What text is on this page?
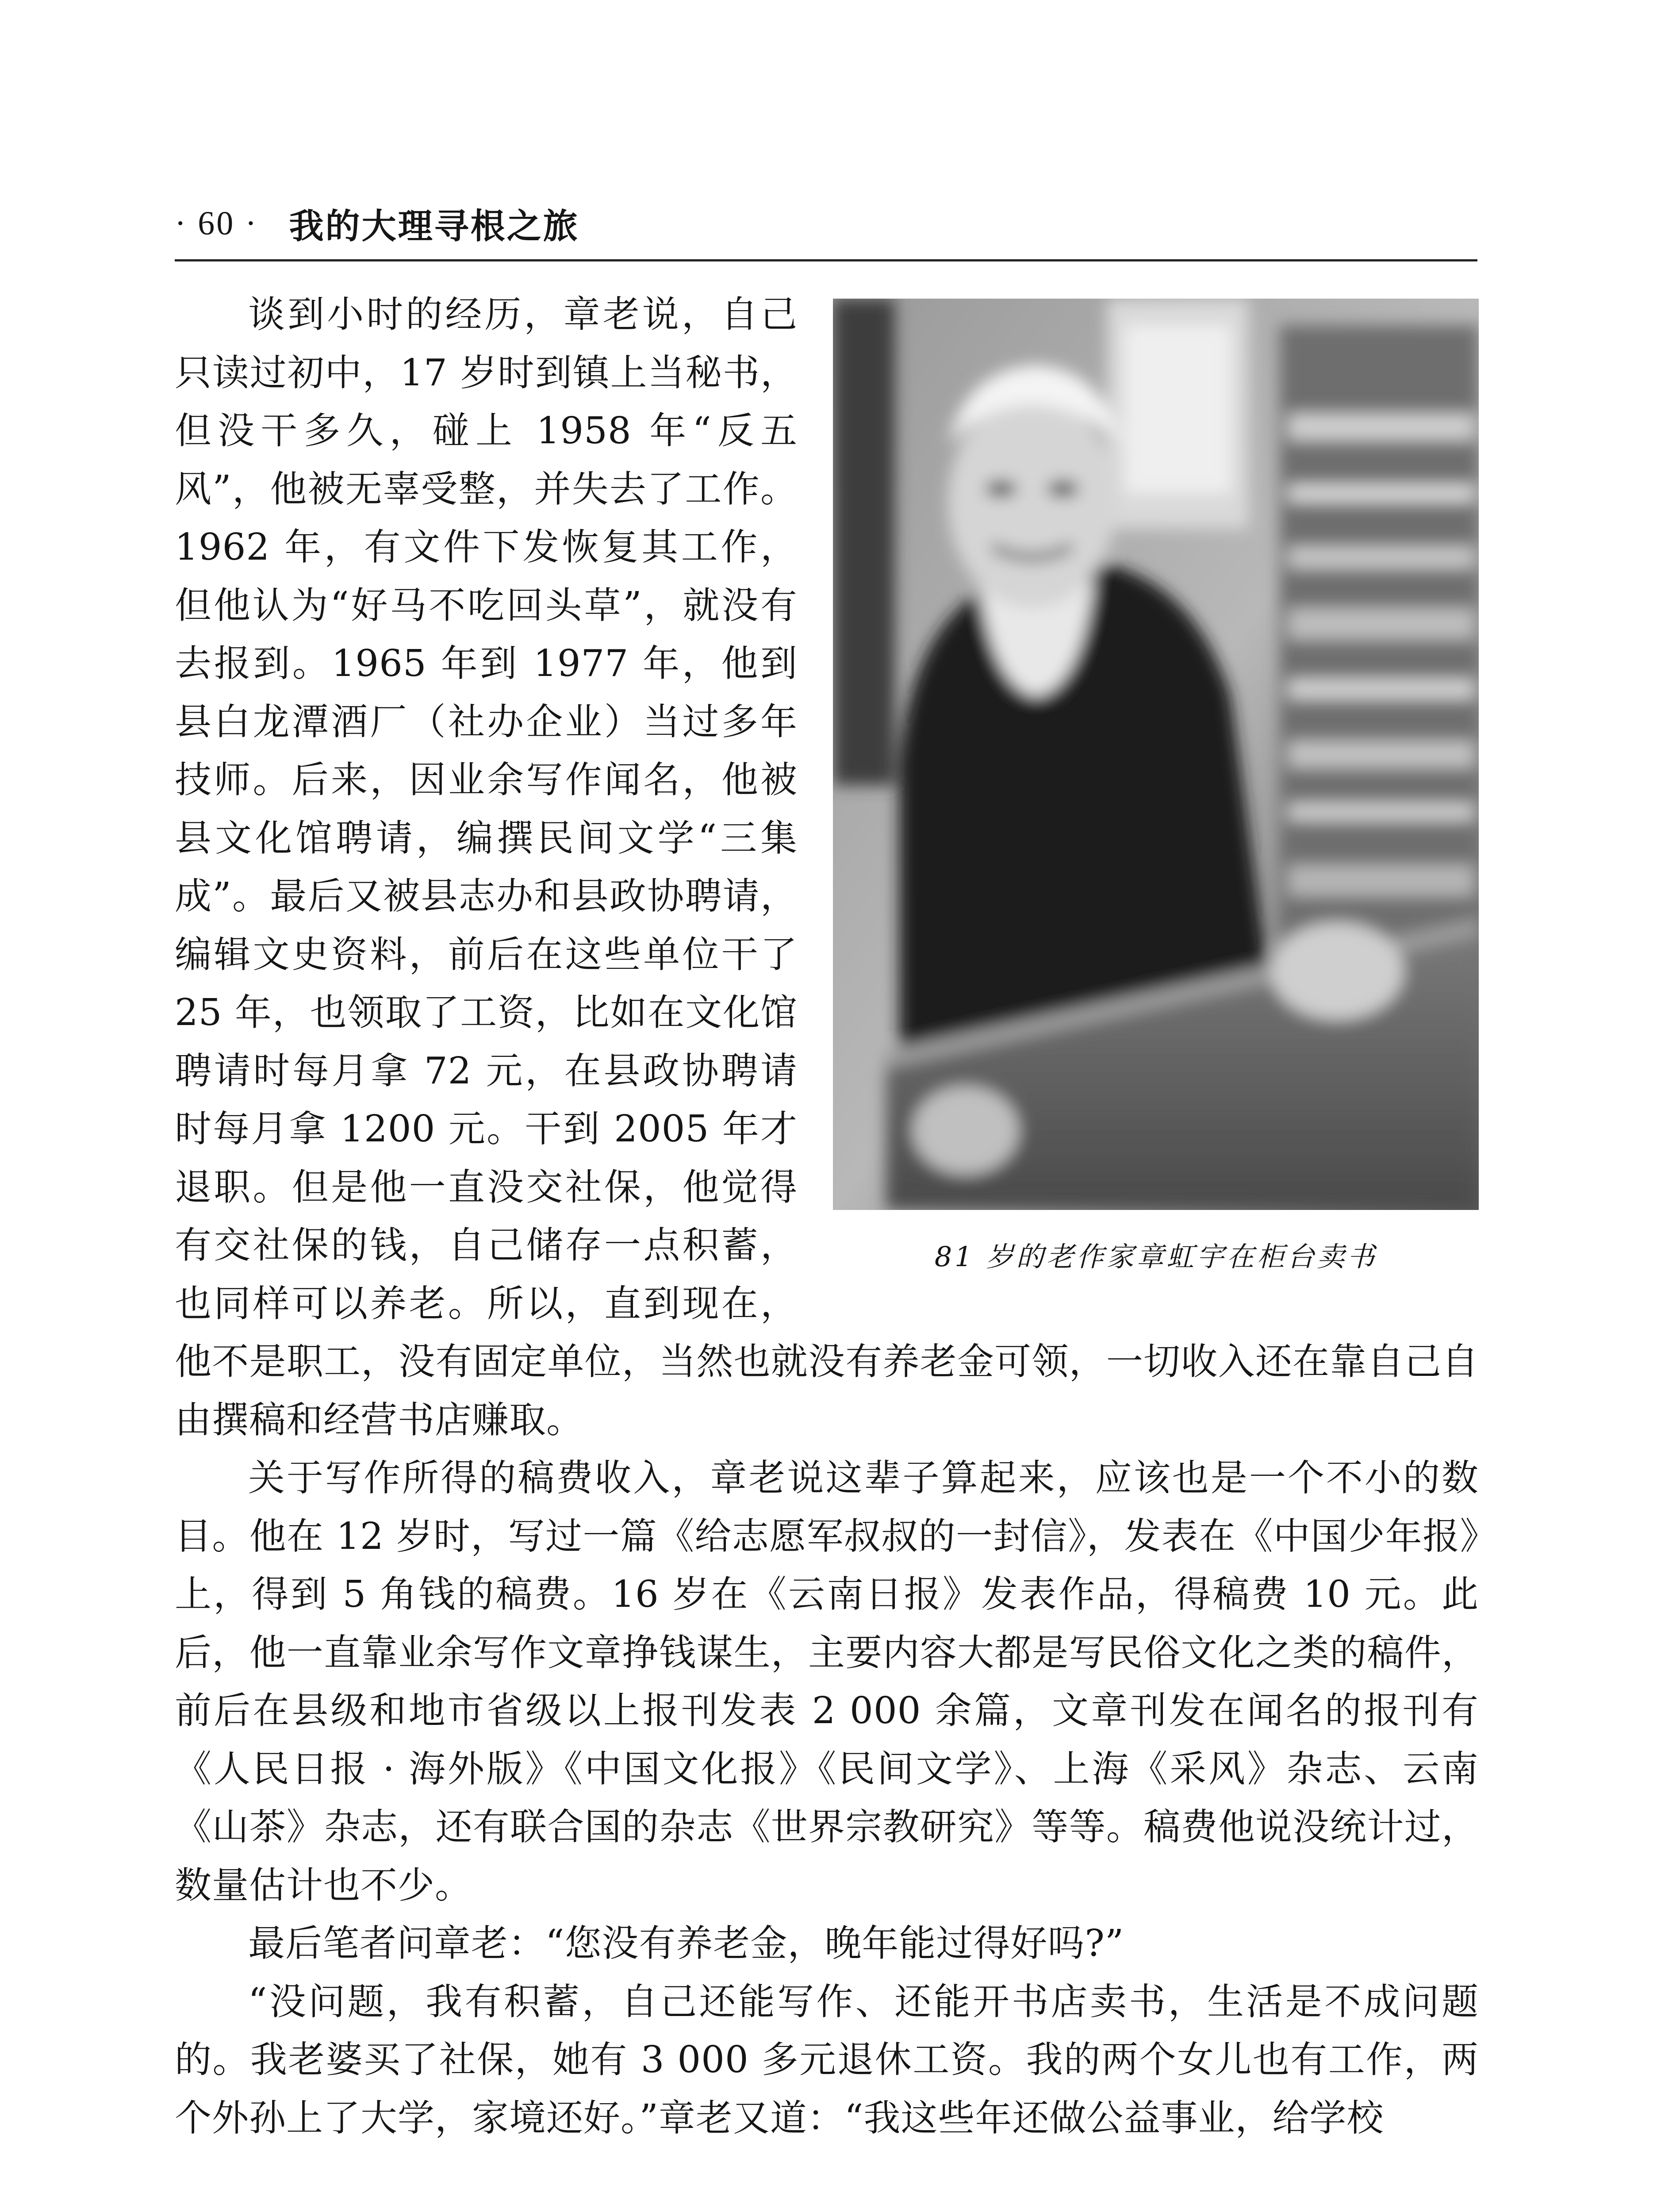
· 60 · 我的大理寻根之旅
81 岁的老作家章虹宇在柜台卖书

谈到小时的经历，章老说，自己只读过初中，17 岁时到镇上当秘书，但没干多久，碰上 1958 年“反五风”，他被无辜受整，并失去了工作。1962 年，有文件下发恢复其工作，但他认为“好马不吃回头草”，就没有去报到。1965 年到 1977 年，他到县白龙潭酒厂（社办企业）当过多年技师。后来，因业余写作闻名，他被县文化馆聘请，编撰民间文学“三集成”。最后又被县志办和县政协聘请，编辑文史资料，前后在这些单位干了 25 年，也领取了工资，比如在文化馆聘请时每月拿 72 元，在县政协聘请时每月拿 1200 元。干到 2005 年才退职。但是他一直没交社保，他觉得有交社保的钱，自己储存一点积蓄，也同样可以养老。所以，直到现在，他不是职工，没有固定单位，当然也就没有养老金可领，一切收入还在靠自己自由撰稿和经营书店赚取。

关于写作所得的稿费收入，章老说这辈子算起来，应该也是一个不小的数目。他在 12 岁时，写过一篇《给志愿军叔叔的一封信》，发表在《中国少年报》上，得到 5 角钱的稿费。16 岁在《云南日报》发表作品，得稿费 10 元。此后，他一直靠业余写作文章挣钱谋生，主要内容大都是写民俗文化之类的稿件，前后在县级和地市省级以上报刊发表 2 000 余篇，文章刊发在闻名的报刊有《人民日报 · 海外版》《中国文化报》《民间文学》、上海《采风》杂志、云南《山茶》杂志，还有联合国的杂志《世界宗教研究》等等。稿费他说没统计过，数量估计也不少。

最后笔者问章老：“您没有养老金，晚年能过得好吗?”

“没问题，我有积蓄，自己还能写作、还能开书店卖书，生活是不成问题的。我老婆买了社保，她有 3 000 多元退休工资。我的两个女儿也有工作，两个外孙上了大学，家境还好。”章老又道：“我这些年还做公益事业，给学校
